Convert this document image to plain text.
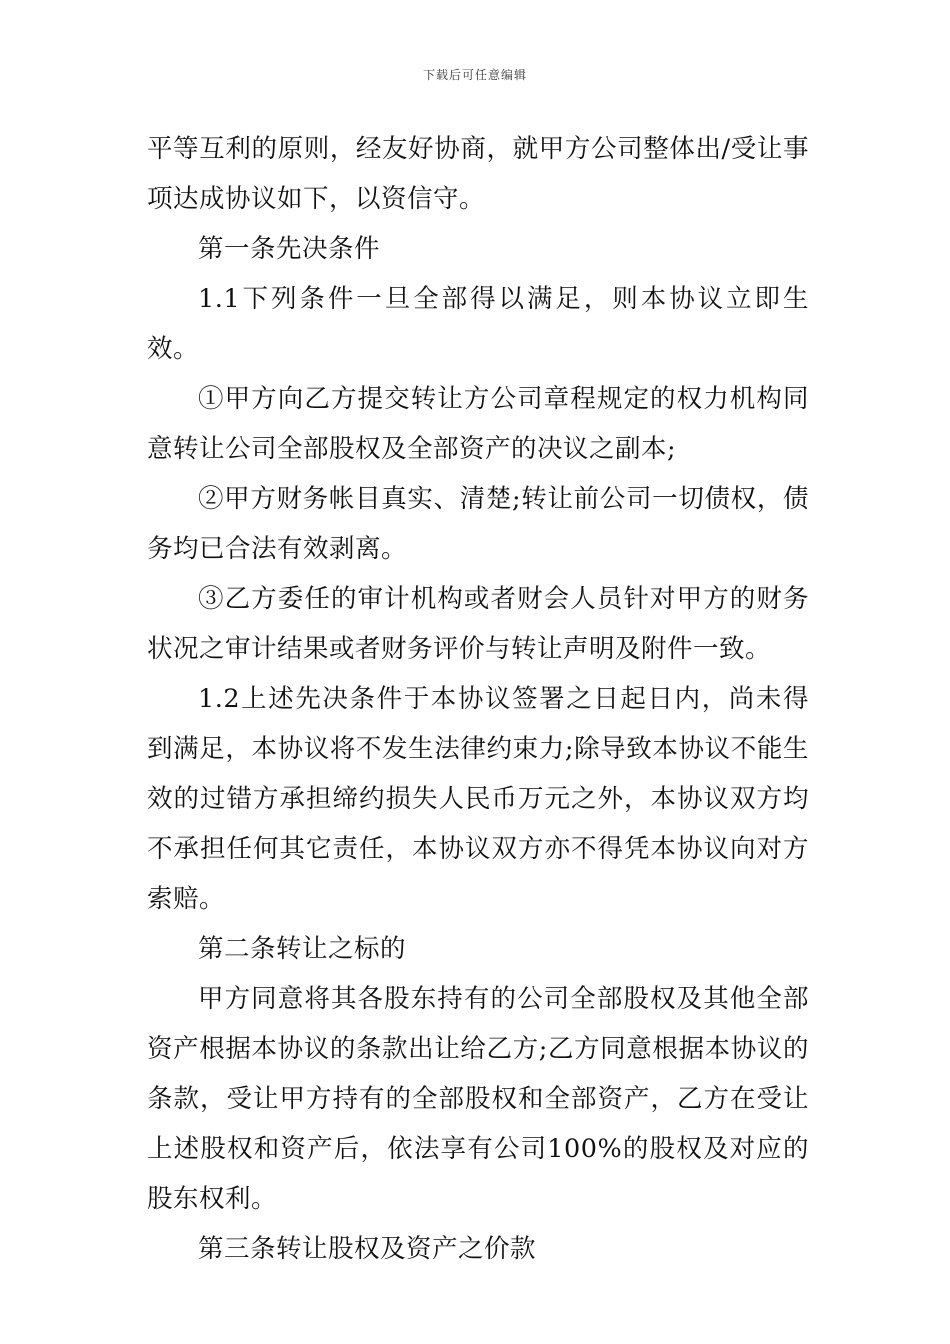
下载后可任意编辑

平等互利的原则，经友好协商，就甲方公司整体出/受让事项达成协议如下，以资信守。

第一条先决条件

1.1下列条件一旦全部得以满足，则本协议立即生效。

①甲方向乙方提交转让方公司章程规定的权力机构同意转让公司全部股权及全部资产的决议之副本;

②甲方财务帐目真实、清楚;转让前公司一切债权，债务均已合法有效剥离。

③乙方委任的审计机构或者财会人员针对甲方的财务状况之审计结果或者财务评价与转让声明及附件一致。

1.2上述先决条件于本协议签署之日起日内，尚未得到满足，本协议将不发生法律约束力;除导致本协议不能生效的过错方承担缔约损失人民币万元之外，本协议双方均不承担任何其它责任，本协议双方亦不得凭本协议向对方索赔。

第二条转让之标的

甲方同意将其各股东持有的公司全部股权及其他全部资产根据本协议的条款出让给乙方;乙方同意根据本协议的条款，受让甲方持有的全部股权和全部资产，乙方在受让上述股权和资产后，依法享有公司100%的股权及对应的股东权利。

第三条转让股权及资产之价款
